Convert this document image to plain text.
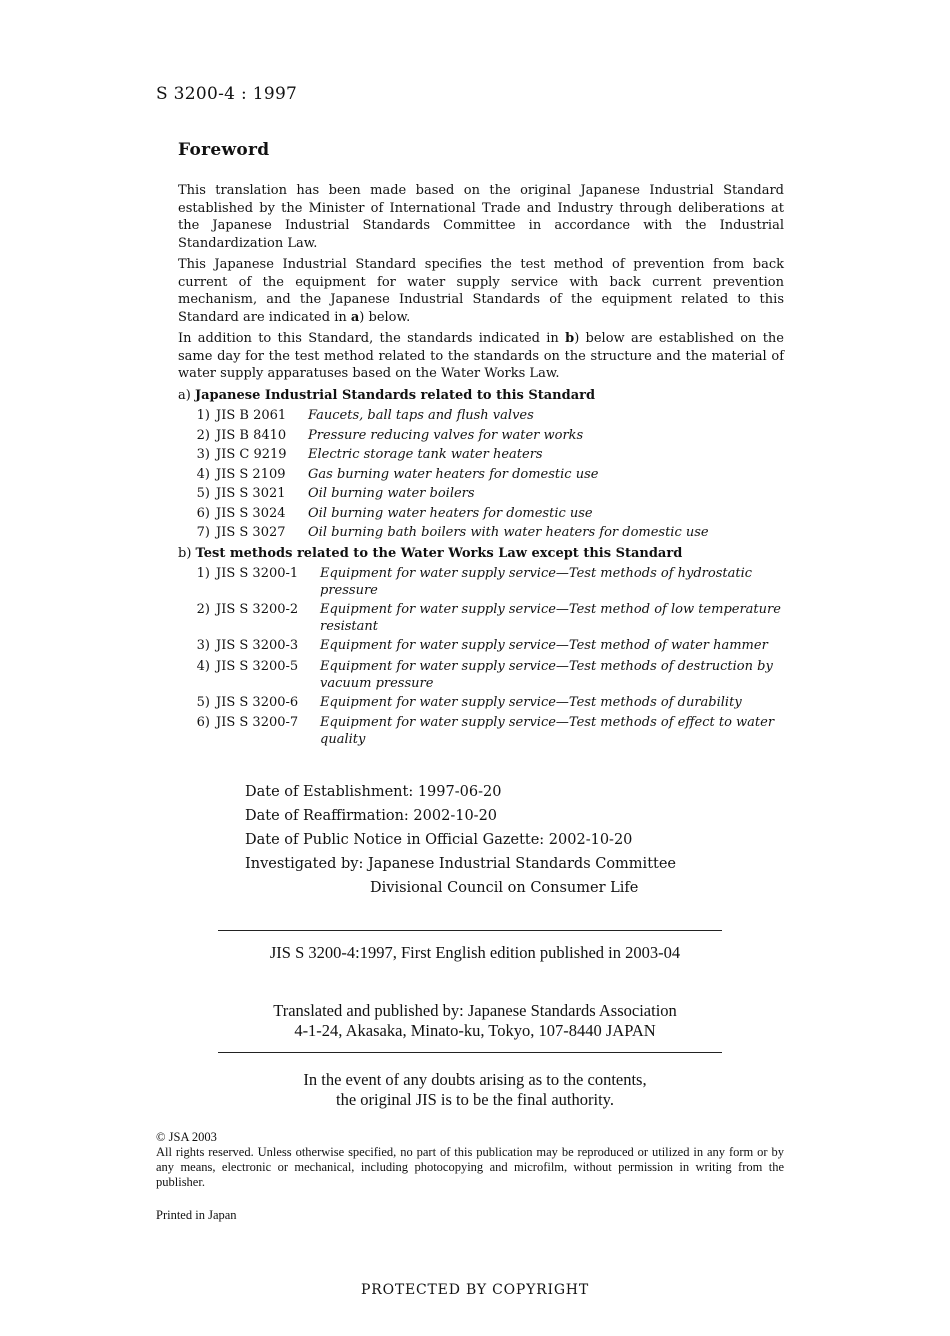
S 3200-4 : 1997
Foreword

This translation has been made based on the original Japanese Industrial Standard established by the Minister of International Trade and Industry through deliberations at the Japanese Industrial Standards Committee in accordance with the Industrial Standardization Law.

This Japanese Industrial Standard specifies the test method of prevention from back current of the equipment for water supply service with back current prevention mechanism, and the Japanese Industrial Standards of the equipment related to this Standard are indicated in a) below.

In addition to this Standard, the standards indicated in b) below are established on the same day for the test method related to the standards on the structure and the material of water supply apparatuses based on the Water Works Law.

a) Japanese Industrial Standards related to this Standard
1) JIS B 2061	Faucets, ball taps and flush valves
2) JIS B 8410	Pressure reducing valves for water works
3) JIS C 9219	Electric storage tank water heaters
4) JIS S 2109	Gas burning water heaters for domestic use
5) JIS S 3021	Oil burning water boilers
6) JIS S 3024	Oil burning water heaters for domestic use
7) JIS S 3027	Oil burning bath boilers with water heaters for domestic use
b) Test methods related to the Water Works Law except this Standard
1) JIS S 3200-1	Equipment for water supply service—Test methods of hydrostatic pressure
2) JIS S 3200-2	Equipment for water supply service—Test method of low temperature resistant
3) JIS S 3200-3	Equipment for water supply service—Test method of water hammer
4) JIS S 3200-5	Equipment for water supply service—Test methods of destruction by vacuum pressure
5) JIS S 3200-6	Equipment for water supply service—Test methods of durability
6) JIS S 3200-7	Equipment for water supply service—Test methods of effect to water quality
Date of Establishment: 1997-06-20
Date of Reaffirmation: 2002-10-20
Date of Public Notice in Official Gazette: 2002-10-20
Investigated by:
Japanese Industrial Standards Committee
Divisional Council on Consumer Life
JIS S 3200-4:1997, First English edition published in 2003-04
Translated and published by: Japanese Standards Association
4-1-24, Akasaka, Minato-ku, Tokyo, 107-8440 JAPAN
In the event of any doubts arising as to the contents,
the original JIS is to be the final authority.

© JSA 2003

All rights reserved. Unless otherwise specified, no part of this publication may be reproduced or utilized in any form or by any means, electronic or mechanical, including photocopying and microfilm, without permission in writing from the publisher.

Printed in Japan
PROTECTED BY COPYRIGHT
